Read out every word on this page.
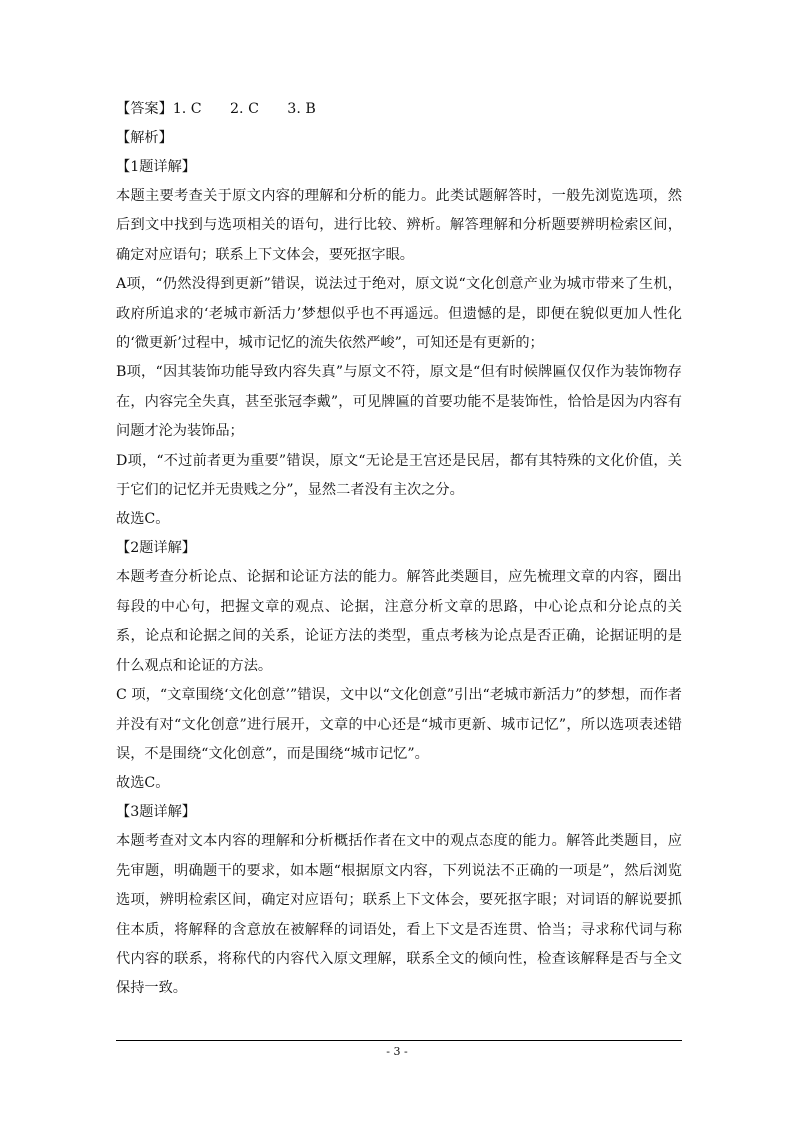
【答案】1. C　　2. C　　3. B
【解析】
【1题详解】
本题主要考查关于原文内容的理解和分析的能力。此类试题解答时，一般先浏览选项，然后到文中找到与选项相关的语句，进行比较、辨析。解答理解和分析题要辨明检索区间，确定对应语句；联系上下文体会，要死抠字眼。
A项，“仍然没得到更新”错误，说法过于绝对，原文说“文化创意产业为城市带来了生机，政府所追求的‘老城市新活力’梦想似乎也不再遥远。但遗憾的是，即便在貌似更加人性化的‘微更新’过程中，城市记忆的流失依然严峻”，可知还是有更新的；
B项，“因其装饰功能导致内容失真”与原文不符，原文是“但有时候牌匾仅仅作为装饰物存在，内容完全失真，甚至张冠李戴”，可见牌匾的首要功能不是装饰性，恰恰是因为内容有问题才沦为装饰品；
D项，“不过前者更为重要”错误，原文“无论是王宫还是民居，都有其特殊的文化价值，关于它们的记忆并无贵贱之分”，显然二者没有主次之分。
故选C。
【2题详解】
本题考查分析论点、论据和论证方法的能力。解答此类题目，应先梳理文章的内容，圈出每段的中心句，把握文章的观点、论据，注意分析文章的思路，中心论点和分论点的关系，论点和论据之间的关系，论证方法的类型，重点考核为论点是否正确，论据证明的是什么观点和论证的方法。
C 项，“文章围绕‘文化创意’”错误，文中以“文化创意”引出“老城市新活力”的梦想，而作者并没有对“文化创意”进行展开，文章的中心还是“城市更新、城市记忆”，所以选项表述错误，不是围绕“文化创意”，而是围绕“城市记忆”。
故选C。
【3题详解】
本题考查对文本内容的理解和分析概括作者在文中的观点态度的能力。解答此类题目，应先审题，明确题干的要求，如本题“根据原文内容，下列说法不正确的一项是”，然后浏览选项，辨明检索区间，确定对应语句；联系上下文体会，要死抠字眼；对词语的解说要抓住本质，将解释的含意放在被解释的词语处，看上下文是否连贯、恰当；寻求称代词与称代内容的联系，将称代的内容代入原文理解，联系全文的倾向性，检查该解释是否与全文保持一致。
- 3 -
